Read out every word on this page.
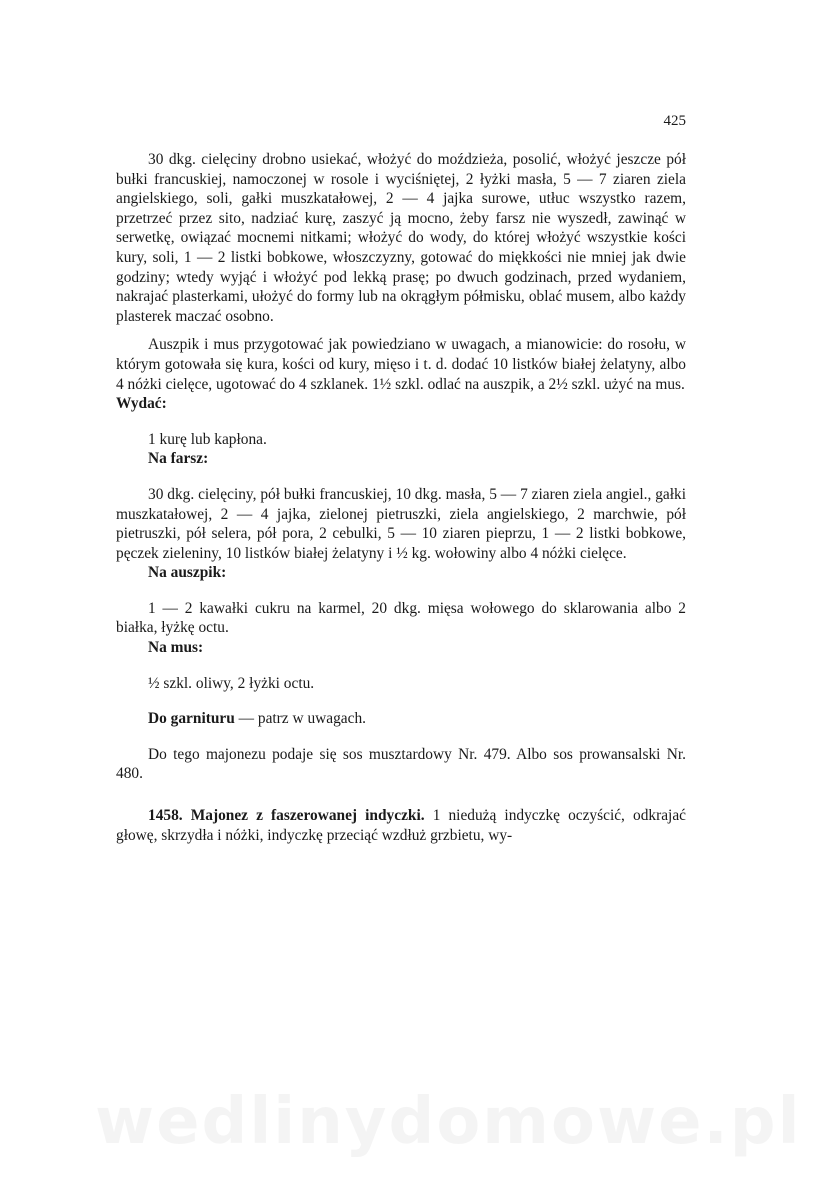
425

30 dkg. cielęciny drobno usiekać, włożyć do moździeża, posolić, włożyć jeszcze pół bułki francuskiej, namoczonej w rosole i wyciśniętej, 2 łyżki masła, 5 — 7 ziaren ziela angielskiego, soli, gałki muszkatałowej, 2 — 4 jajka surowe, utłuc wszystko razem, przetrzeć przez sito, nadziać kurę, zaszyć ją mocno, żeby farsz nie wyszedł, zawinąć w serwetkę, owiązać mocnemi nitkami; włożyć do wody, do której włożyć wszystkie kości kury, soli, 1 — 2 listki bobkowe, włoszczyzny, gotować do miękkości nie mniej jak dwie godziny; wtedy wyjąć i włożyć pod lekką prasę; po dwuch godzinach, przed wydaniem, nakrajać plasterkami, ułożyć do formy lub na okrągłym półmisku, oblać musem, albo każdy plasterek maczać osobno.

Auszpik i mus przygotować jak powiedziano w uwagach, a mianowicie: do rosołu, w którym gotowała się kura, kości od kury, mięso i t. d. dodać 10 listków białej żelatyny, albo 4 nóżki cielęce, ugotować do 4 szklanek. 1½ szkl. odlać na auszpik, a 2½ szkl. użyć na mus.

Wydać:

1 kurę lub kapłona.

Na farsz:

30 dkg. cielęciny, pół bułki francuskiej, 10 dkg. masła, 5 — 7 ziaren ziela angiel., gałki muszkatałowej, 2 — 4 jajka, zielonej pietruszki, ziela angielskiego, 2 marchwie, pół pietruszki, pół selera, pół pora, 2 cebulki, 5 — 10 ziaren pieprzu, 1 — 2 listki bobkowe, pęczek zieleniny, 10 listków białej żelatyny i ½ kg. wołowiny albo 4 nóżki cielęce.

Na auszpik:

1 — 2 kawałki cukru na karmel, 20 dkg. mięsa wołowego do sklarowania albo 2 białka, łyżkę octu.

Na mus:

½ szkl. oliwy, 2 łyżki octu.

Do garnituru — patrz w uwagach.

Do tego majonezu podaje się sos musztardowy Nr. 479. Albo sos prowansalski Nr. 480.

1458. Majonez z faszerowanej indyczki. 1 niedużą indyczkę oczyścić, odkrajać głowę, skrzydła i nóżki, indyczkę przeciąć wzdłuż grzbietu, wy-
